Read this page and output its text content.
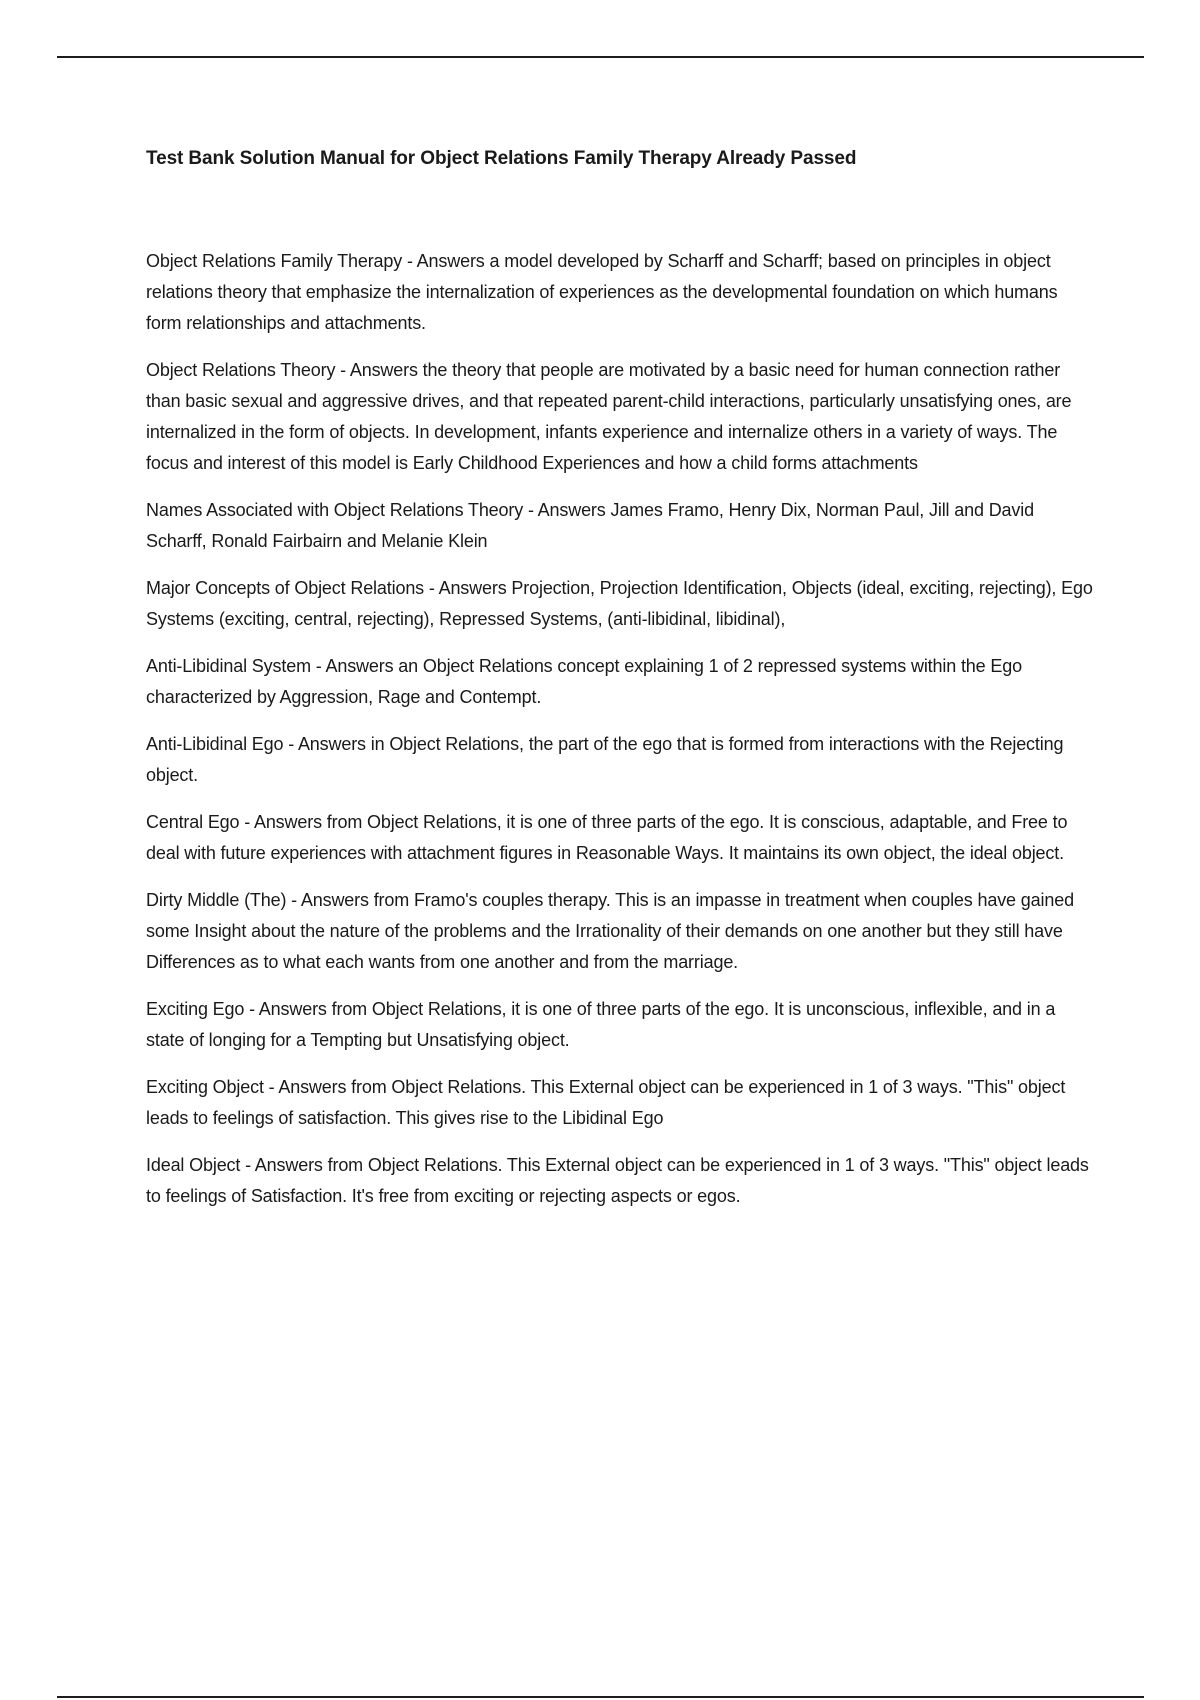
Test Bank Solution Manual for Object Relations Family Therapy Already Passed

Object Relations Family Therapy - Answers a model developed by Scharff and Scharff; based on principles in object relations theory that emphasize the internalization of experiences as the developmental foundation on which humans form relationships and attachments.

Object Relations Theory - Answers the theory that people are motivated by a basic need for human connection rather than basic sexual and aggressive drives, and that repeated parent-child interactions, particularly unsatisfying ones, are internalized in the form of objects. In development, infants experience and internalize others in a variety of ways. The focus and interest of this model is Early Childhood Experiences and how a child forms attachments

Names Associated with Object Relations Theory - Answers James Framo, Henry Dix, Norman Paul, Jill and David Scharff, Ronald Fairbairn and Melanie Klein

Major Concepts of Object Relations - Answers Projection, Projection Identification, Objects (ideal, exciting, rejecting), Ego Systems (exciting, central, rejecting), Repressed Systems, (anti-libidinal, libidinal),

Anti-Libidinal System - Answers an Object Relations concept explaining 1 of 2 repressed systems within the Ego characterized by Aggression, Rage and Contempt.

Anti-Libidinal Ego - Answers in Object Relations, the part of the ego that is formed from interactions with the Rejecting object.

Central Ego - Answers from Object Relations, it is one of three parts of the ego. It is conscious, adaptable, and Free to deal with future experiences with attachment figures in Reasonable Ways. It maintains its own object, the ideal object.

Dirty Middle (The) - Answers from Framo's couples therapy. This is an impasse in treatment when couples have gained some Insight about the nature of the problems and the Irrationality of their demands on one another but they still have Differences as to what each wants from one another and from the marriage.

Exciting Ego - Answers from Object Relations, it is one of three parts of the ego. It is unconscious, inflexible, and in a state of longing for a Tempting but Unsatisfying object.

Exciting Object - Answers from Object Relations. This External object can be experienced in 1 of 3 ways. "This" object leads to feelings of satisfaction. This gives rise to the Libidinal Ego

Ideal Object - Answers from Object Relations. This External object can be experienced in 1 of 3 ways. "This" object leads to feelings of Satisfaction. It's free from exciting or rejecting aspects or egos.
